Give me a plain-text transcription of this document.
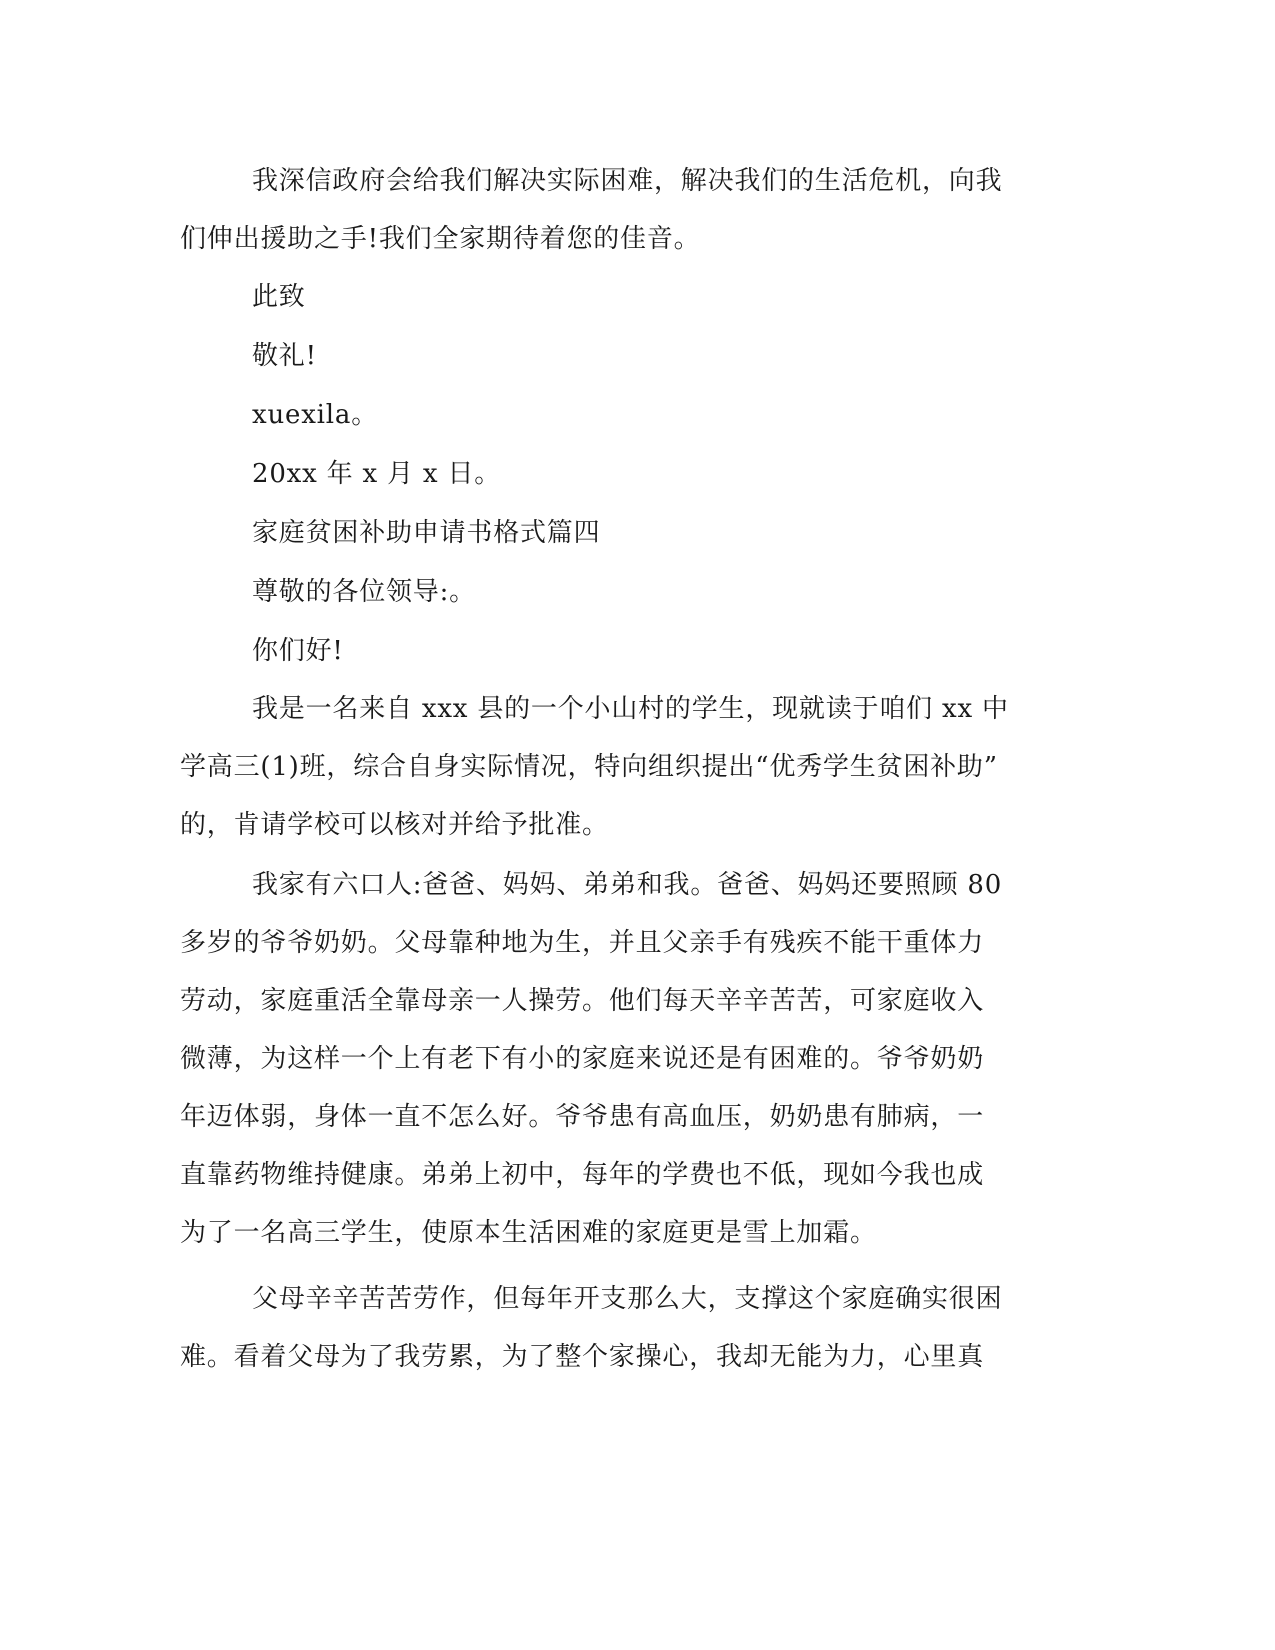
我深信政府会给我们解决实际困难，解决我们的生活危机，向我
们伸出援助之手!我们全家期待着您的佳音。

此致
敬礼!
xuexila。
20xx 年 x 月 x 日。
家庭贫困补助申请书格式篇四
尊敬的各位领导:。
你们好!

我是一名来自 xxx 县的一个小山村的学生，现就读于咱们 xx 中
学高三(1)班，综合自身实际情况，特向组织提出“优秀学生贫困补助”
的，肯请学校可以核对并给予批准。

我家有六口人:爸爸、妈妈、弟弟和我。爸爸、妈妈还要照顾 80
多岁的爷爷奶奶。父母靠种地为生，并且父亲手有残疾不能干重体力
劳动，家庭重活全靠母亲一人操劳。他们每天辛辛苦苦，可家庭收入
微薄，为这样一个上有老下有小的家庭来说还是有困难的。爷爷奶奶
年迈体弱，身体一直不怎么好。爷爷患有高血压，奶奶患有肺病，一
直靠药物维持健康。弟弟上初中，每年的学费也不低，现如今我也成
为了一名高三学生，使原本生活困难的家庭更是雪上加霜。

父母辛辛苦苦劳作，但每年开支那么大，支撑这个家庭确实很困
难。看着父母为了我劳累，为了整个家操心，我却无能为力，心里真
